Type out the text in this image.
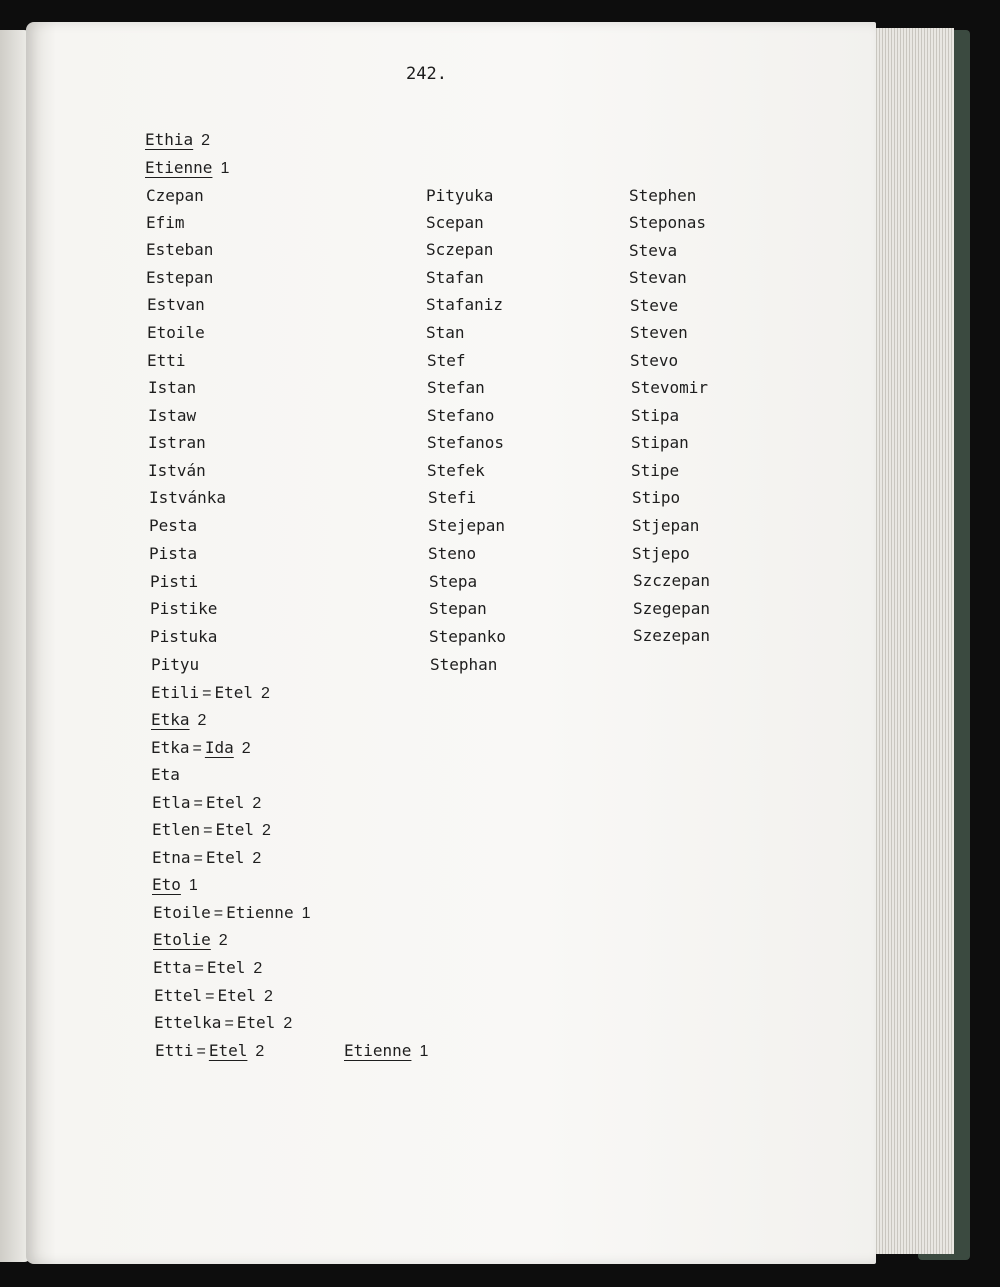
242.

Ethia 2

Etienne 1

Czepan

Efim

Esteban

Estepan

Estvan

Etoile

Etti

Istan

Istaw

Istran

István

Istvánka

Pesta

Pista

Pisti

Pistike

Pistuka

Pityu

Pityuka

Scepan

Sczepan

Stafan

Stafaniz

Stan

Stef

Stefan

Stefano

Stefanos

Stefek

Stefi

Stejepan

Steno

Stepa

Stepan

Stepanko

Stephan

Stephen

Steponas

Steva

Stevan

Steve

Steven

Stevo

Stevomir

Stipa

Stipan

Stipe

Stipo

Stjepan

Stjepo

Szczepan

Szegepan

Szezepan

Etili = Etel 2

Etka 2

Etka = Ida 2

Eta

Etla = Etel 2

Etlen = Etel 2

Etna = Etel 2

Eto 1

Etoile = Etienne 1

Etolie 2

Etta = Etel 2

Ettel = Etel 2

Ettelka = Etel 2

Etti = Etel 2	Etienne 1
